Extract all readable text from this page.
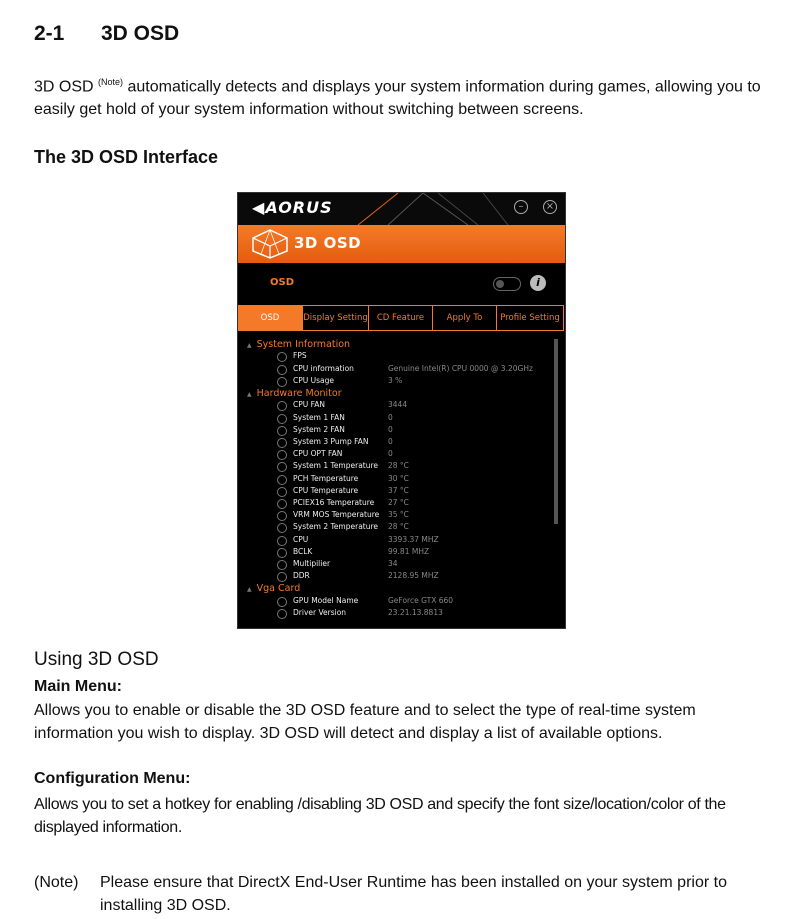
2-1 3D OSD
3D OSD $^{(Note)}$ automatically detects and displays your system information during games, allowing you to easily get hold of your system information without switching between screens.
The 3D OSD Interface
◀AORUS	–	×
3D OSD
OSD	i
OSD	Display Setting	CD Feature	Apply To	Profile Setting
▲ System Information
FPS
CPU information	Genuine Intel(R) CPU 0000 @ 3.20GHz
CPU Usage	3 %
▲ Hardware Monitor
CPU FAN	3444
System 1 FAN	0
System 2 FAN	0
System 3 Pump FAN	0
CPU OPT FAN	0
System 1 Temperature 28 °C
PCH Temperature	30 °C
CPU Temperature	37 °C
PCIEX16 Temperature 27 °C
VRM MOS Temperature 35 °C
System 2 Temperature 28 °C
CPU	3393.37 MHZ
BCLK	99.81 MHZ
Multipilier	34
DDR	2128.95 MHZ
▲ Vga Card
GPU Model Name	GeForce GTX 660
Driver Version	23.21.13.8813
Using 3D OSD
Main Menu:
Allows you to enable or disable the 3D OSD feature and to select the type of real-time system information you wish to display. 3D OSD will detect and display a list of available options.
Configuration Menu:
Allows you to set a hotkey for enabling /disabling 3D OSD and specify the font size/location/color of the displayed information.
(Note) Please ensure that DirectX End-User Runtime has been installed on your system prior to installing 3D OSD.
